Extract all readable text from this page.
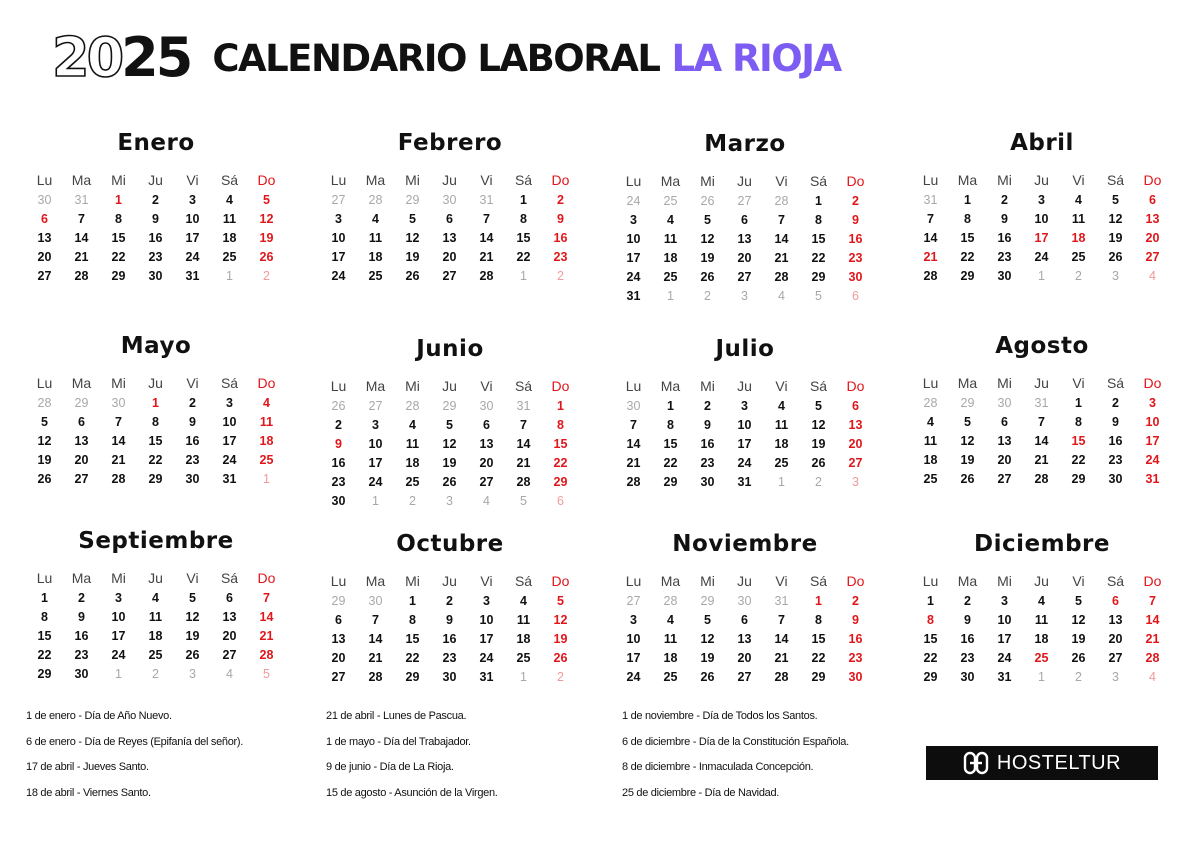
20 25 CALENDARIO LABORAL LA RIOJA
Enero
Lu	Ma	Mi	Ju	Vi	Sá	Do
30	31	1	2	3	4	5
6	7	8	9	10	11	12
13	14	15	16	17	18	19
20	21	22	23	24	25	26
27	28	29	30	31	1	2
Febrero
Lu	Ma	Mi	Ju	Vi	Sá	Do
27	28	29	30	31	1	2
3	4	5	6	7	8	9
10	11	12	13	14	15	16
17	18	19	20	21	22	23
24	25	26	27	28	1	2
Marzo
Lu	Ma	Mi	Ju	Vi	Sá	Do
24	25	26	27	28	1	2
3	4	5	6	7	8	9
10	11	12	13	14	15	16
17	18	19	20	21	22	23
24	25	26	27	28	29	30
31	1	2	3	4	5	6
Abril
Lu	Ma	Mi	Ju	Vi	Sá	Do
31	1	2	3	4	5	6
7	8	9	10	11	12	13
14	15	16	17	18	19	20
21	22	23	24	25	26	27
28	29	30	1	2	3	4
Mayo
Lu	Ma	Mi	Ju	Vi	Sá	Do
28	29	30	1	2	3	4
5	6	7	8	9	10	11
12	13	14	15	16	17	18
19	20	21	22	23	24	25
26	27	28	29	30	31	1
Junio
Lu	Ma	Mi	Ju	Vi	Sá	Do
26	27	28	29	30	31	1
2	3	4	5	6	7	8
9	10	11	12	13	14	15
16	17	18	19	20	21	22
23	24	25	26	27	28	29
30	1	2	3	4	5	6
Julio
Lu	Ma	Mi	Ju	Vi	Sá	Do
30	1	2	3	4	5	6
7	8	9	10	11	12	13
14	15	16	17	18	19	20
21	22	23	24	25	26	27
28	29	30	31	1	2	3
Agosto
Lu	Ma	Mi	Ju	Vi	Sá	Do
28	29	30	31	1	2	3
4	5	6	7	8	9	10
11	12	13	14	15	16	17
18	19	20	21	22	23	24
25	26	27	28	29	30	31
Septiembre
Lu	Ma	Mi	Ju	Vi	Sá	Do
1	2	3	4	5	6	7
8	9	10	11	12	13	14
15	16	17	18	19	20	21
22	23	24	25	26	27	28
29	30	1	2	3	4	5
Octubre
Lu	Ma	Mi	Ju	Vi	Sá	Do
29	30	1	2	3	4	5
6	7	8	9	10	11	12
13	14	15	16	17	18	19
20	21	22	23	24	25	26
27	28	29	30	31	1	2
Noviembre
Lu	Ma	Mi	Ju	Vi	Sá	Do
27	28	29	30	31	1	2
3	4	5	6	7	8	9
10	11	12	13	14	15	16
17	18	19	20	21	22	23
24	25	26	27	28	29	30
Diciembre
Lu	Ma	Mi	Ju	Vi	Sá	Do
1	2	3	4	5	6	7
8	9	10	11	12	13	14
15	16	17	18	19	20	21
22	23	24	25	26	27	28
29	30	31	1	2	3	4
1 de enero - Día de Año Nuevo.
6 de enero - Día de Reyes (Epifanía del señor).
17 de abril - Jueves Santo.
18 de abril - Viernes Santo.
21 de abril - Lunes de Pascua.
1 de mayo - Día del Trabajador.
9 de junio - Día de La Rioja.
15 de agosto - Asunción de la Virgen.
1 de noviembre - Día de Todos los Santos.
6 de diciembre - Día de la Constitución Española.
8 de diciembre - Inmaculada Concepción.
25 de diciembre - Día de Navidad.
HOSTELTUR
